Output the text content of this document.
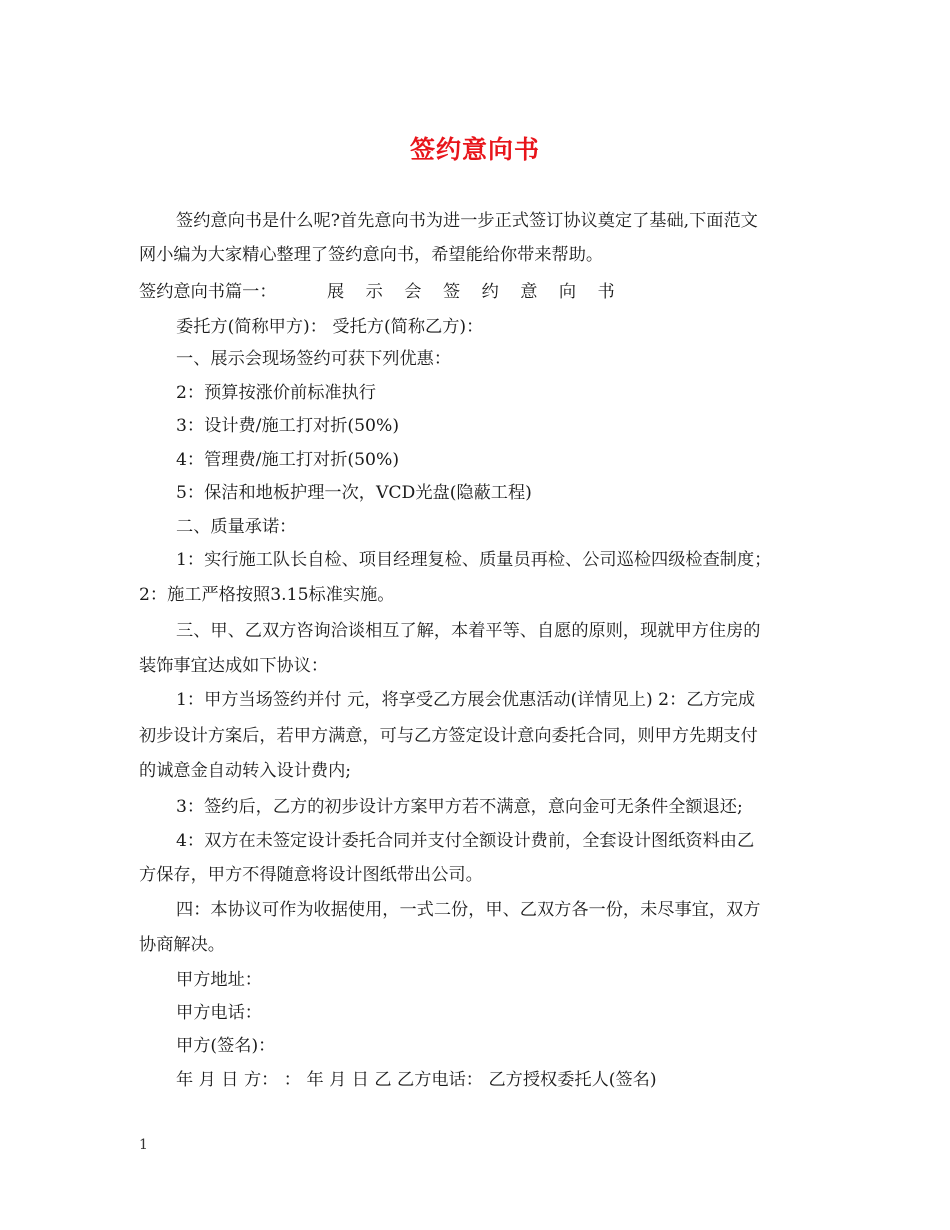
签约意向书
签约意向书是什么呢?首先意向书为进一步正式签订协议奠定了基础,下面范文
网小编为大家精心整理了签约意向书，希望能给你带来帮助。
签约意向书篇一：	展 示 会 签 约 意 向 书
委托方(简称甲方)： 受托方(简称乙方)：
一、展示会现场签约可获下列优惠：
2：预算按涨价前标准执行
3：设计费/施工打对折(50%)
4：管理费/施工打对折(50%)
5：保洁和地板护理一次，VCD光盘(隐蔽工程)
二、质量承诺：
1：实行施工队长自检、项目经理复检、质量员再检、公司巡检四级检查制度；
2：施工严格按照3.15标准实施。
三、甲、乙双方咨询洽谈相互了解，本着平等、自愿的原则，现就甲方住房的
装饰事宜达成如下协议：
1：甲方当场签约并付 元，将享受乙方展会优惠活动(详情见上) 2：乙方完成
初步设计方案后，若甲方满意，可与乙方签定设计意向委托合同，则甲方先期支付
的诚意金自动转入设计费内;
3：签约后，乙方的初步设计方案甲方若不满意，意向金可无条件全额退还;
4：双方在未签定设计委托合同并支付全额设计费前，全套设计图纸资料由乙
方保存，甲方不得随意将设计图纸带出公司。
四：本协议可作为收据使用，一式二份，甲、乙双方各一份，未尽事宜，双方
协商解决。
甲方地址：
甲方电话：
甲方(签名)：
年 月 日 方： ： 年 月 日 乙 乙方电话： 乙方授权委托人(签名)
1
